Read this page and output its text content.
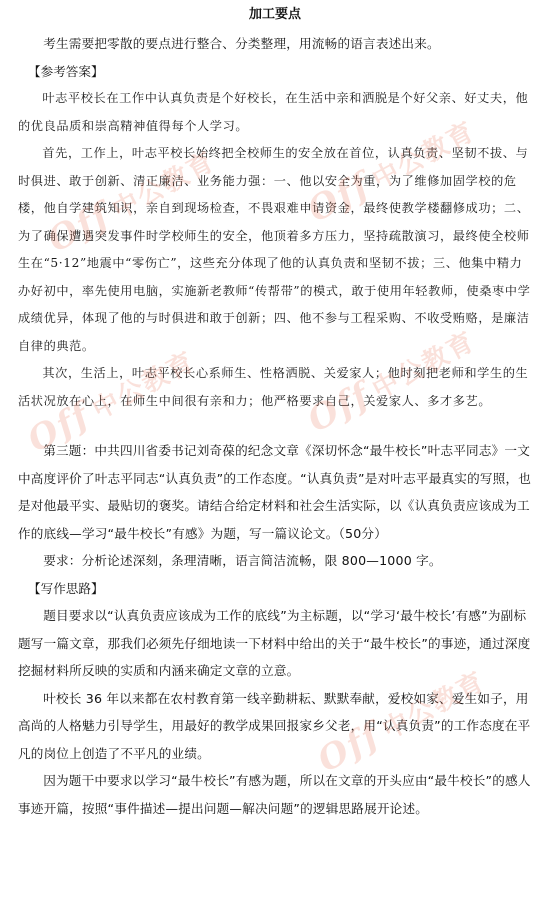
加工要点

考生需要把零散的要点进行整合、分类整理，用流畅的语言表述出来。

【参考答案】

叶志平校长在工作中认真负责是个好校长，在生活中亲和洒脱是个好父亲、好丈夫，他的优良品质和崇高精神值得每个人学习。

首先，工作上，叶志平校长始终把全校师生的安全放在首位，认真负责、坚韧不拔、与时俱进、敢于创新、清正廉洁、业务能力强：一、他以安全为重，为了维修加固学校的危楼，他自学建筑知识，亲自到现场检查，不畏艰难申请资金，最终使教学楼翻修成功；二、为了确保遭遇突发事件时学校师生的安全，他顶着多方压力，坚持疏散演习，最终使全校师生在“5·12”地震中“零伤亡”，这些充分体现了他的认真负责和坚韧不拔；三、他集中精力办好初中，率先使用电脑，实施新老教师“传帮带”的模式，敢于使用年轻教师，使桑枣中学成绩优异，体现了他的与时俱进和敢于创新；四、他不参与工程采购、不收受贿赂，是廉洁自律的典范。

其次，生活上，叶志平校长心系师生、性格洒脱、关爱家人；他时刻把老师和学生的生活状况放在心上，在师生中间很有亲和力；他严格要求自己，关爱家人、多才多艺。

第三题：中共四川省委书记刘奇葆的纪念文章《深切怀念“最牛校长”叶志平同志》一文中高度评价了叶志平同志“认真负责”的工作态度。“认真负责”是对叶志平最真实的写照，也是对他最平实、最贴切的褒奖。请结合给定材料和社会生活实际，以《认真负责应该成为工作的底线—学习“最牛校长”有感》为题，写一篇议论文。（50分）

要求：分析论述深刻，条理清晰，语言简洁流畅，限 800—1000 字。

【写作思路】

题目要求以“认真负责应该成为工作的底线”为主标题，以“学习‘最牛校长’有感”为副标题写一篇文章，那我们必须先仔细地读一下材料中给出的关于“最牛校长”的事迹，通过深度挖掘材料所反映的实质和内涵来确定文章的立意。

叶校长 36 年以来都在农村教育第一线辛勤耕耘、默默奉献，爱校如家、爱生如子，用高尚的人格魅力引导学生，用最好的教学成果回报家乡父老，用“认真负责”的工作态度在平凡的岗位上创造了不平凡的业绩。

因为题干中要求以学习“最牛校长”有感为题，所以在文章的开头应由“最牛校长”的感人事迹开篇，按照“事件描述—提出问题—解决问题”的逻辑思路展开论述。

Off中公教育 Off中公教育
Off中公教育	Off中公教育
Off中公教育
